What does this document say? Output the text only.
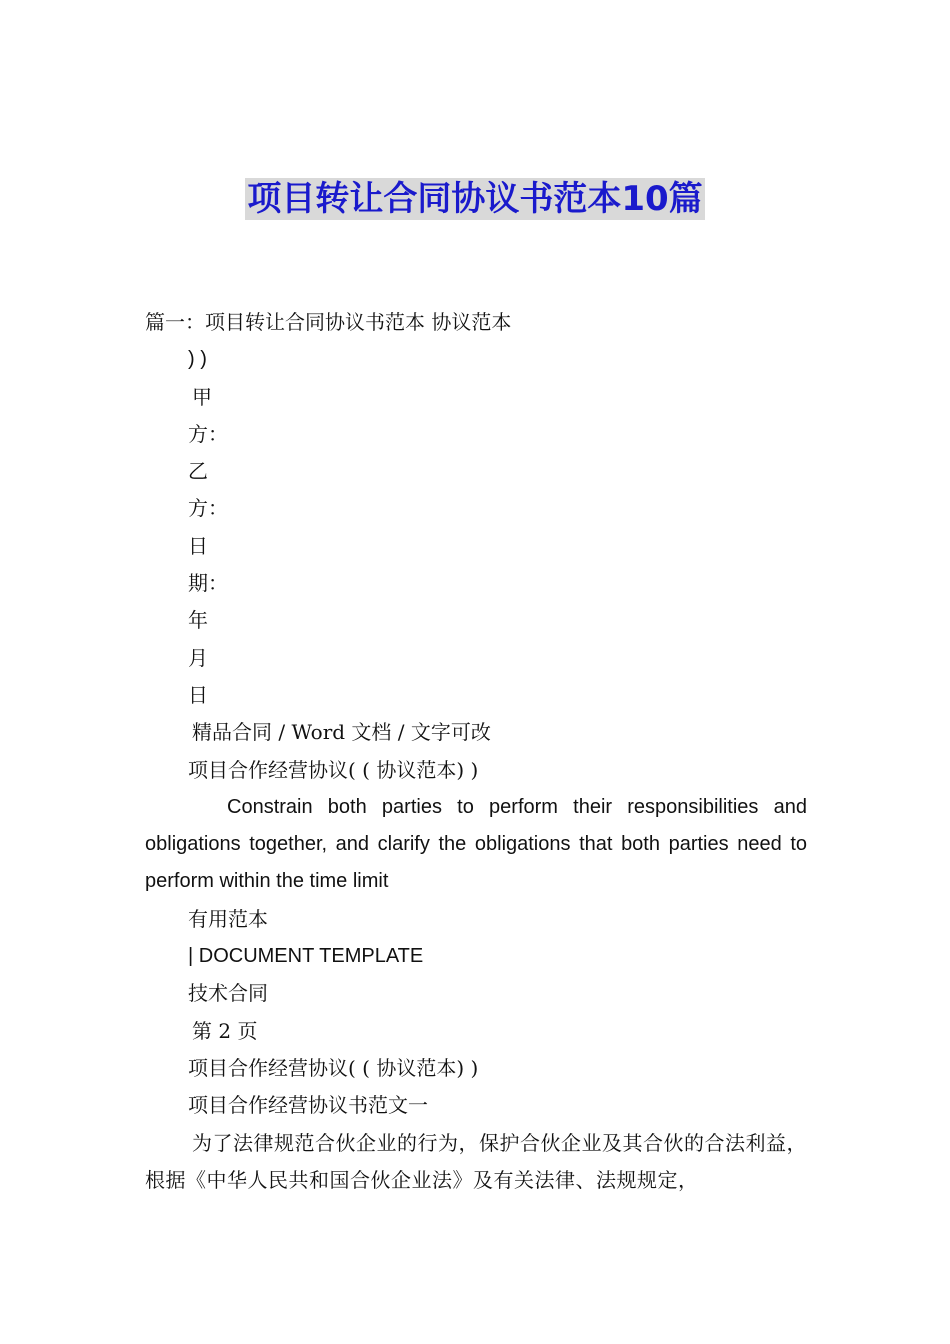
项目转让合同协议书范本10篇
篇一：项目转让合同协议书范本 协议范本
) )
甲
方：
乙
方：
日
期：
年
月
日
精品合同 / Word 文档 / 文字可改
项目合作经营协议( ( 协议范本) )

Constrain both parties to perform their responsibilities and obligations together, and clarify the obligations that both parties need to perform within the time limit

有用范本
| DOCUMENT TEMPLATE
技术合同
第 2 页
项目合作经营协议( ( 协议范本) )
项目合作经营协议书范文一

为了法律规范合伙企业的行为，保护合伙企业及其合伙的合法利益，根据《中华人民共和国合伙企业法》及有关法律、法规规定，
